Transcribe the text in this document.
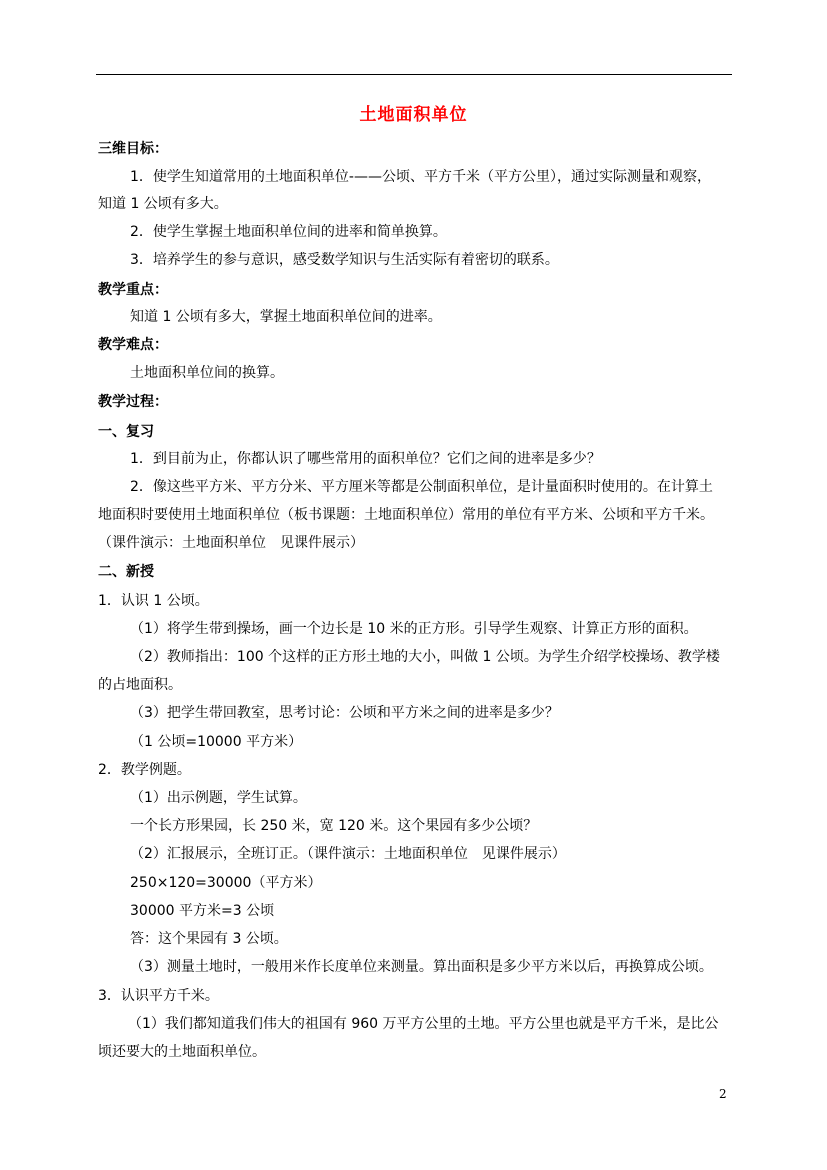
土地面积单位
三维目标：
1．使学生知道常用的土地面积单位-——公顷、平方千米（平方公里），通过实际测量和观察，
知道 1 公顷有多大。
2．使学生掌握土地面积单位间的进率和简单换算。
3．培养学生的参与意识，感受数学知识与生活实际有着密切的联系。
教学重点：
知道 1 公顷有多大，掌握土地面积单位间的进率。
教学难点：
土地面积单位间的换算。
教学过程：
一、复习
1．到目前为止，你都认识了哪些常用的面积单位？它们之间的进率是多少？
2．像这些平方米、平方分米、平方厘米等都是公制面积单位，是计量面积时使用的。在计算土
地面积时要使用土地面积单位（板书课题：土地面积单位）常用的单位有平方米、公顷和平方千米。
（课件演示：土地面积单位　见课件展示）
二、新授
1．认识 1 公顷。
（1）将学生带到操场，画一个边长是 10 米的正方形。引导学生观察、计算正方形的面积。
（2）教师指出：100 个这样的正方形土地的大小，叫做 1 公顷。为学生介绍学校操场、教学楼
的占地面积。
（3）把学生带回教室，思考讨论：公顷和平方米之间的进率是多少？
（1 公顷=10000 平方米）
2．教学例题。
（1）出示例题，学生试算。
一个长方形果园，长 250 米，宽 120 米。这个果园有多少公顷？
（2）汇报展示，全班订正。（课件演示：土地面积单位　见课件展示）
250×120=30000（平方米）
30000 平方米=3 公顷
答：这个果园有 3 公顷。
（3）测量土地时，一般用米作长度单位来测量。算出面积是多少平方米以后，再换算成公顷。
3．认识平方千米。
（1）我们都知道我们伟大的祖国有 960 万平方公里的土地。平方公里也就是平方千米，是比公
顷还要大的土地面积单位。
2
